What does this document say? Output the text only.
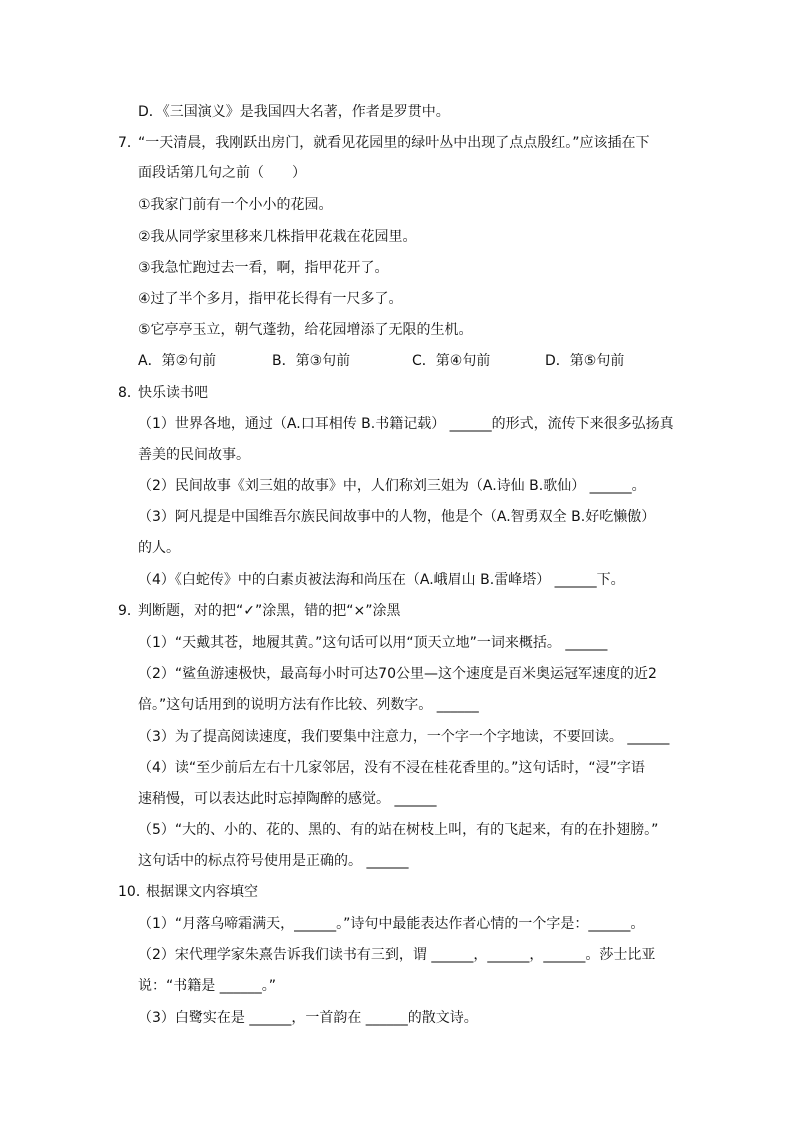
D．《三国演义》是我国四大名著，作者是罗贯中。
7．
“一天清晨，我刚跃出房门，就看见花园里的绿叶丛中出现了点点殷红。”应该插在下
面段话第几句之前（　　）
①我家门前有一个小小的花园。
②我从同学家里移来几株指甲花栽在花园里。
③我急忙跑过去一看，啊，指甲花开了。
④过了半个多月，指甲花长得有一尺多了。
⑤它亭亭玉立，朝气蓬勃，给花园增添了无限的生机。
A．第②句前	B．第③句前	C．第④句前	D．第⑤句前
8．
快乐读书吧
（1）世界各地，通过（A.口耳相传 B.书籍记载） ______的形式，流传下来很多弘扬真
善美的民间故事。
（2）民间故事《刘三姐的故事》中，人们称刘三姐为（A.诗仙 B.歌仙） ______。
（3）阿凡提是中国维吾尔族民间故事中的人物，他是个（A.智勇双全 B.好吃懒傲）
的人。
（4）《白蛇传》中的白素贞被法海和尚压在（A.峨眉山 B.雷峰塔） ______下。
9．
判断题，对的把“✓”涂黑，错的把“×”涂黑
（1）“天戴其苍，地履其黄。”这句话可以用“顶天立地”一词来概括。 ______
（2）“鲨鱼游速极快，最高每小时可达70公里—这个速度是百米奥运冠军速度的近2
倍。”这句话用到的说明方法有作比较、列数字。 ______
（3）为了提高阅读速度，我们要集中注意力，一个字一个字地读，不要回读。 ______
（4）读“至少前后左右十几家邻居，没有不浸在桂花香里的。”这句话时，“浸”字语
速稍慢，可以表达此时忘掉陶醉的感觉。 ______
（5）“大的、小的、花的、黑的、有的站在树枝上叫，有的飞起来，有的在扑翅膀。”
这句话中的标点符号使用是正确的。 ______
10．
根据课文内容填空
（1）“月落乌啼霜满天，______。”诗句中最能表达作者心情的一个字是：______。
（2）宋代理学家朱熹告诉我们读书有三到，谓 ______，______，______。莎士比亚
说：“书籍是 ______。”
（3）白鹭实在是 ______，一首韵在 ______的散文诗。
